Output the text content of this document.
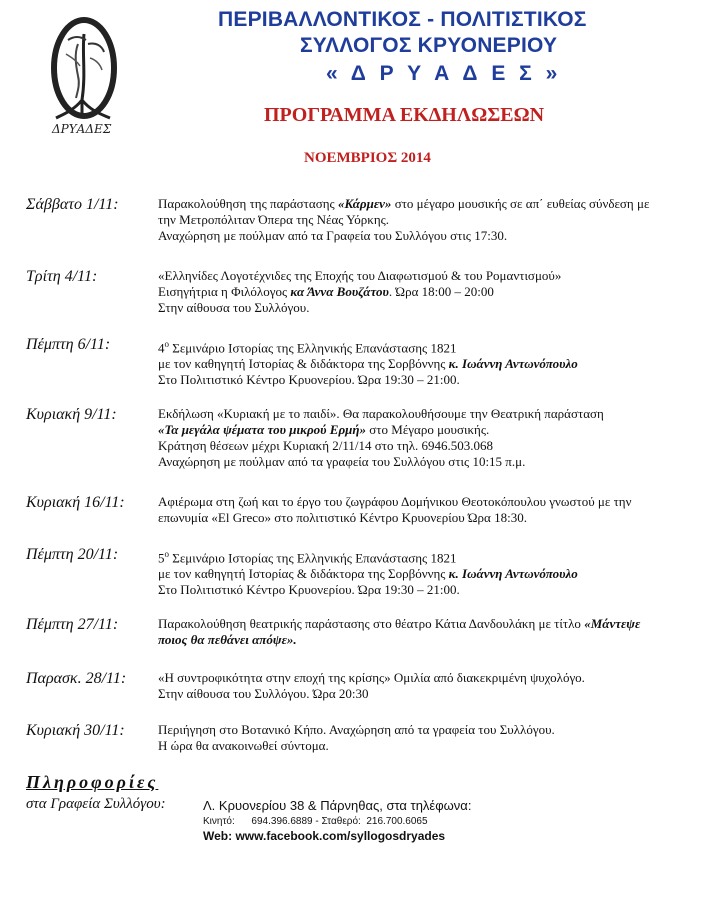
ΔΡΥΑΔΕΣ
ΠΕΡΙΒΑΛΛΟΝΤΙΚΟΣ - ΠΟΛΙΤΙΣΤΙΚΟΣ
ΣΥΛΛΟΓΟΣ ΚΡΥΟΝΕΡΙΟΥ
« Δ Ρ Υ Α Δ Ε Σ »
ΠΡΟΓΡΑΜΜΑ ΕΚΔΗΛΩΣΕΩΝ
ΝΟΕΜΒΡΙΟΣ 2014
Σάββατο 1/11:	Παρακολούθηση της παράστασης «Κάρμεν» στο μέγαρο μουσικής σε απ΄ ευθείας σύνδεση με
την Μετροπόλιταν Όπερα της Νέας Υόρκης.
Αναχώρηση με πούλμαν από τα Γραφεία του Συλλόγου στις 17:30.
Τρίτη 4/11:	«Ελληνίδες Λογοτέχνιδες της Εποχής του Διαφωτισμού & του Ρομαντισμού»
Εισηγήτρια η Φιλόλογος κα Άννα Βουζάτου. Ώρα 18:00 – 20:00
Στην αίθουσα του Συλλόγου.
Πέμπτη 6/11:	$4^o$ Σεμινάριο Ιστορίας της Ελληνικής Επανάστασης 1821
με τον καθηγητή Ιστορίας & διδάκτορα της Σορβόννης κ. Ιωάννη Αντωνόπουλο
Στο Πολιτιστικό Κέντρο Κρυονερίου. Ώρα 19:30 – 21:00.
Κυριακή 9/11:	Εκδήλωση «Κυριακή με το παιδί». Θα παρακολουθήσουμε την Θεατρική παράσταση
«Τα μεγάλα ψέματα του μικρού Ερμή» στο Μέγαρο μουσικής.
Κράτηση θέσεων μέχρι Κυριακή 2/11/14 στο τηλ. 6946.503.068
Αναχώρηση με πούλμαν από τα γραφεία του Συλλόγου στις 10:15 π.μ.
Κυριακή 16/11:	Αφιέρωμα στη ζωή και το έργο του ζωγράφου Δομήνικου Θεοτοκόπουλου γνωστού με την
επωνυμία «El Greco» στο πολιτιστικό Κέντρο Κρυονερίου Ώρα 18:30.
Πέμπτη 20/11:	$5^o$ Σεμινάριο Ιστορίας της Ελληνικής Επανάστασης 1821
με τον καθηγητή Ιστορίας & διδάκτορα της Σορβόννης κ. Ιωάννη Αντωνόπουλο
Στο Πολιτιστικό Κέντρο Κρυονερίου. Ώρα 19:30 – 21:00.
Πέμπτη 27/11:	Παρακολούθηση θεατρικής παράστασης στο θέατρο Κάτια Δανδουλάκη με τίτλο «Μάντεψε
ποιος θα πεθάνει απόψε».
Παρασκ. 28/11: «Η συντροφικότητα στην εποχή της κρίσης» Ομιλία από διακεκριμένη ψυχολόγο.
Στην αίθουσα του Συλλόγου. Ώρα 20:30
Κυριακή 30/11:	Περιήγηση στο Βοτανικό Κήπο. Αναχώρηση από τα γραφεία του Συλλόγου.
Η ώρα θα ανακοινωθεί σύντομα.
Πληροφορίες
στα Γραφεία Συλλόγου:	Λ. Κρυονερίου 38 & Πάρνηθας, στα τηλέφωνα:
Κινητό:      694.396.6889 - Σταθερό:  216.700.6065
Web: www.facebook.com/syllogosdryades
